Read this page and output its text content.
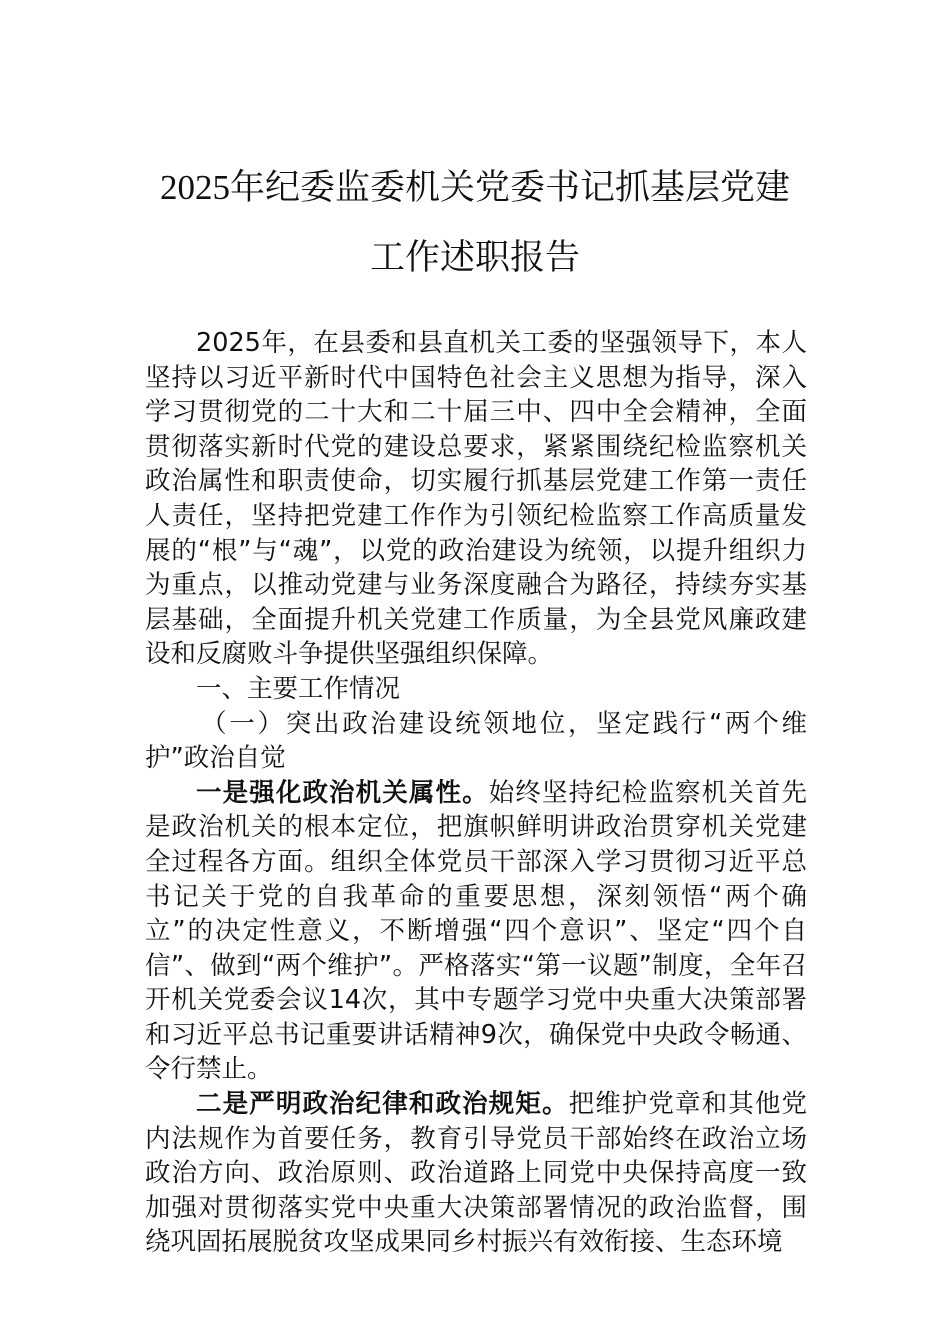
2025年纪委监委机关党委书记抓基层党建
工作述职报告

2025年，在县委和县直机关工委的坚强领导下，本人坚持以习近平新时代中国特色社会主义思想为指导，深入学习贯彻党的二十大和二十届三中、四中全会精神，全面贯彻落实新时代党的建设总要求，紧紧围绕纪检监察机关政治属性和职责使命，切实履行抓基层党建工作第一责任人责任，坚持把党建工作作为引领纪检监察工作高质量发展的“根”与“魂”，以党的政治建设为统领，以提升组织力为重点，以推动党建与业务深度融合为路径，持续夯实基层基础，全面提升机关党建工作质量，为全县党风廉政建设和反腐败斗争提供坚强组织保障。

一、主要工作情况

（一）突出政治建设统领地位，坚定践行“两个维护”政治自觉

一是强化政治机关属性。始终坚持纪检监察机关首先是政治机关的根本定位，把旗帜鲜明讲政治贯穿机关党建全过程各方面。组织全体党员干部深入学习贯彻习近平总书记关于党的自我革命的重要思想，深刻领悟“两个确立”的决定性意义，不断增强“四个意识”、坚定“四个自信”、做到“两个维护”。严格落实“第一议题”制度，全年召开机关党委会议14次，其中专题学习党中央重大决策部署和习近平总书记重要讲话精神9次，确保党中央政令畅通、令行禁止。

二是严明政治纪律和政治规矩。把维护党章和其他党内法规作为首要任务，教育引导党员干部始终在政治立场政治方向、政治原则、政治道路上同党中央保持高度一致加强对贯彻落实党中央重大决策部署情况的政治监督，围绕巩固拓展脱贫攻坚成果同乡村振兴有效衔接、生态环境
